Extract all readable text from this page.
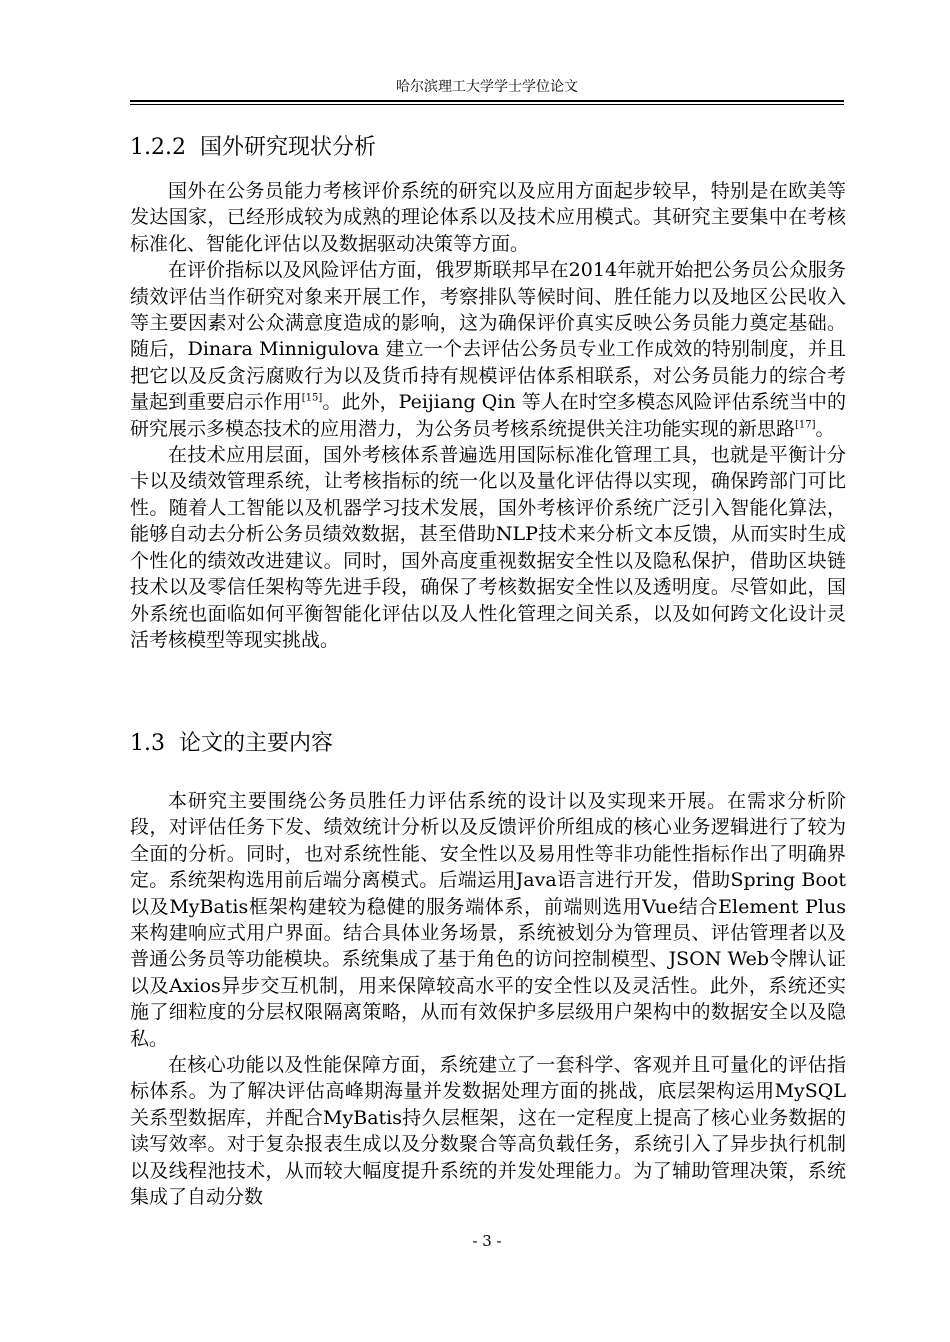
哈尔滨理工大学学士学位论文
1.2.2 国外研究现状分析

国外在公务员能力考核评价系统的研究以及应用方面起步较早，特别是在欧美等发达国家，已经形成较为成熟的理论体系以及技术应用模式。其研究主要集中在考核标准化、智能化评估以及数据驱动决策等方面。

在评价指标以及风险评估方面，俄罗斯联邦早在2014年就开始把公务员公众服务绩效评估当作研究对象来开展工作，考察排队等候时间、胜任能力以及地区公民收入等主要因素对公众满意度造成的影响，这为确保评价真实反映公务员能力奠定基础。随后，Dinara Minnigulova 建立一个去评估公务员专业工作成效的特别制度，并且把它以及反贪污腐败行为以及货币持有规模评估体系相联系，对公务员能力的综合考量起到重要启示作用[15]。此外，Peijiang Qin 等人在时空多模态风险评估系统当中的研究展示多模态技术的应用潜力，为公务员考核系统提供关注功能实现的新思路[17]。

在技术应用层面，国外考核体系普遍选用国际标准化管理工具，也就是平衡计分卡以及绩效管理系统，让考核指标的统一化以及量化评估得以实现，确保跨部门可比性。随着人工智能以及机器学习技术发展，国外考核评价系统广泛引入智能化算法，能够自动去分析公务员绩效数据，甚至借助NLP技术来分析文本反馈，从而实时生成个性化的绩效改进建议。同时，国外高度重视数据安全性以及隐私保护，借助区块链技术以及零信任架构等先进手段，确保了考核数据安全性以及透明度。尽管如此，国外系统也面临如何平衡智能化评估以及人性化管理之间关系，以及如何跨文化设计灵活考核模型等现实挑战。

1.3 论文的主要内容

本研究主要围绕公务员胜任力评估系统的设计以及实现来开展。在需求分析阶段，对评估任务下发、绩效统计分析以及反馈评价所组成的核心业务逻辑进行了较为全面的分析。同时，也对系统性能、安全性以及易用性等非功能性指标作出了明确界定。系统架构选用前后端分离模式。后端运用Java语言进行开发，借助Spring Boot以及MyBatis框架构建较为稳健的服务端体系，前端则选用Vue结合Element Plus来构建响应式用户界面。结合具体业务场景，系统被划分为管理员、评估管理者以及普通公务员等功能模块。系统集成了基于角色的访问控制模型、JSON Web令牌认证以及Axios异步交互机制，用来保障较高水平的安全性以及灵活性。此外，系统还实施了细粒度的分层权限隔离策略，从而有效保护多层级用户架构中的数据安全以及隐私。

在核心功能以及性能保障方面，系统建立了一套科学、客观并且可量化的评估指标体系。为了解决评估高峰期海量并发数据处理方面的挑战，底层架构运用MySQL关系型数据库，并配合MyBatis持久层框架，这在一定程度上提高了核心业务数据的读写效率。对于复杂报表生成以及分数聚合等高负载任务，系统引入了异步执行机制以及线程池技术，从而较大幅度提升系统的并发处理能力。为了辅助管理决策，系统集成了自动分数

- 3 -
